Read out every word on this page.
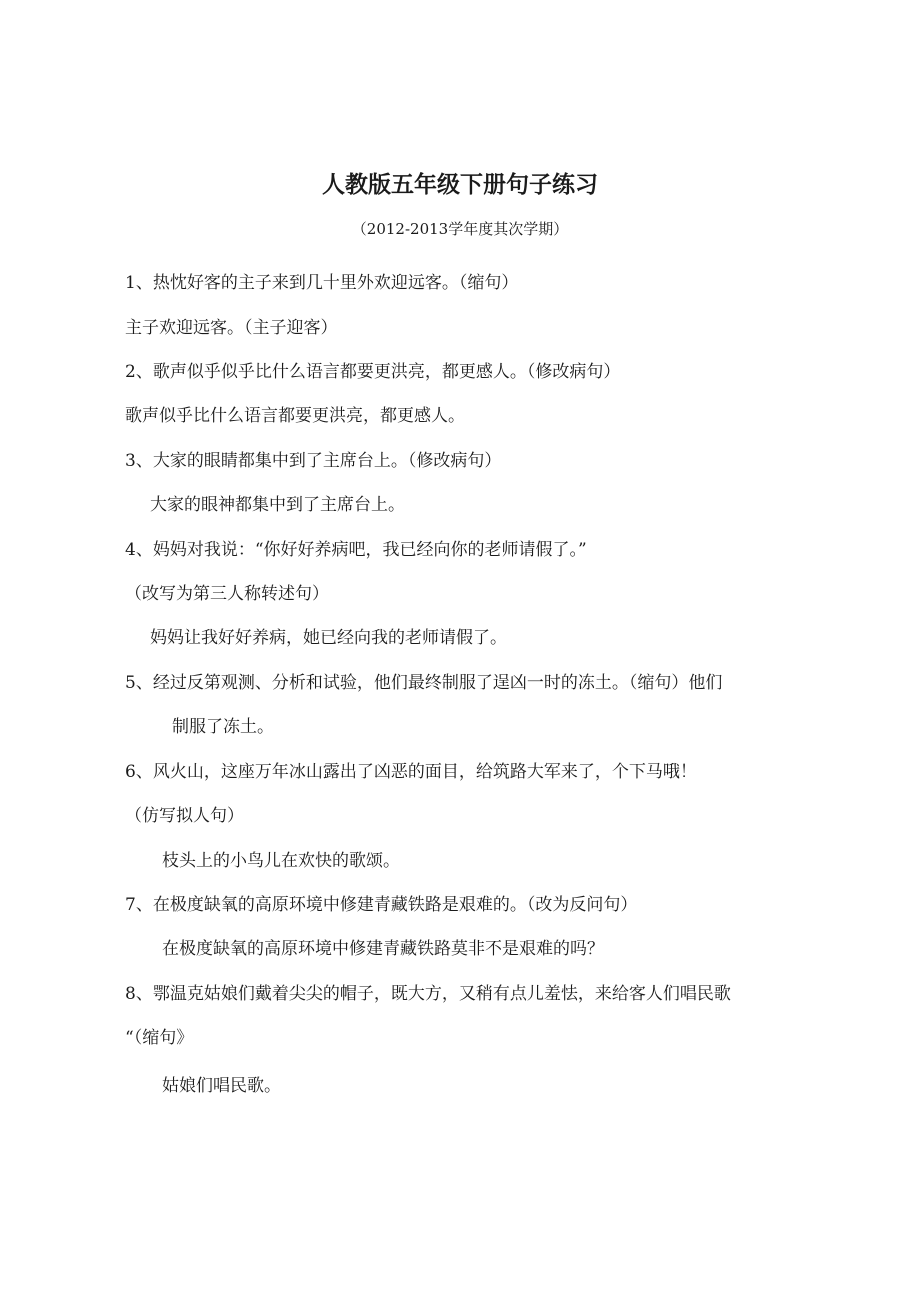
人教版五年级下册句子练习
（2012-2013学年度其次学期）
1、热忱好客的主子来到几十里外欢迎远客。（缩句）
主子欢迎远客。（主子迎客）
2、歌声似乎似乎比什么语言都要更洪亮，都更感人。（修改病句）
歌声似乎比什么语言都要更洪亮，都更感人。
3、大家的眼睛都集中到了主席台上。（修改病句）
大家的眼神都集中到了主席台上。
4、妈妈对我说：“你好好养病吧，我已经向你的老师请假了。”
（改写为第三人称转述句）
妈妈让我好好养病，她已经向我的老师请假了。
5、经过反第观测、分析和试验，他们最终制服了逞凶一时的冻土。（缩句）他们
制服了冻土。
6、风火山，这座万年冰山露出了凶恶的面目，给筑路大军来了，个下马哦！
（仿写拟人句）
枝头上的小鸟儿在欢快的歌颂。
7、在极度缺氧的高原环境中修建青藏铁路是艰难的。（改为反问句）
在极度缺氧的高原环境中修建青藏铁路莫非不是艰难的吗？
8、鄂温克姑娘们戴着尖尖的帽子，既大方，又稍有点儿羞怯，来给客人们唱民歌
“（缩句》
姑娘们唱民歌。
